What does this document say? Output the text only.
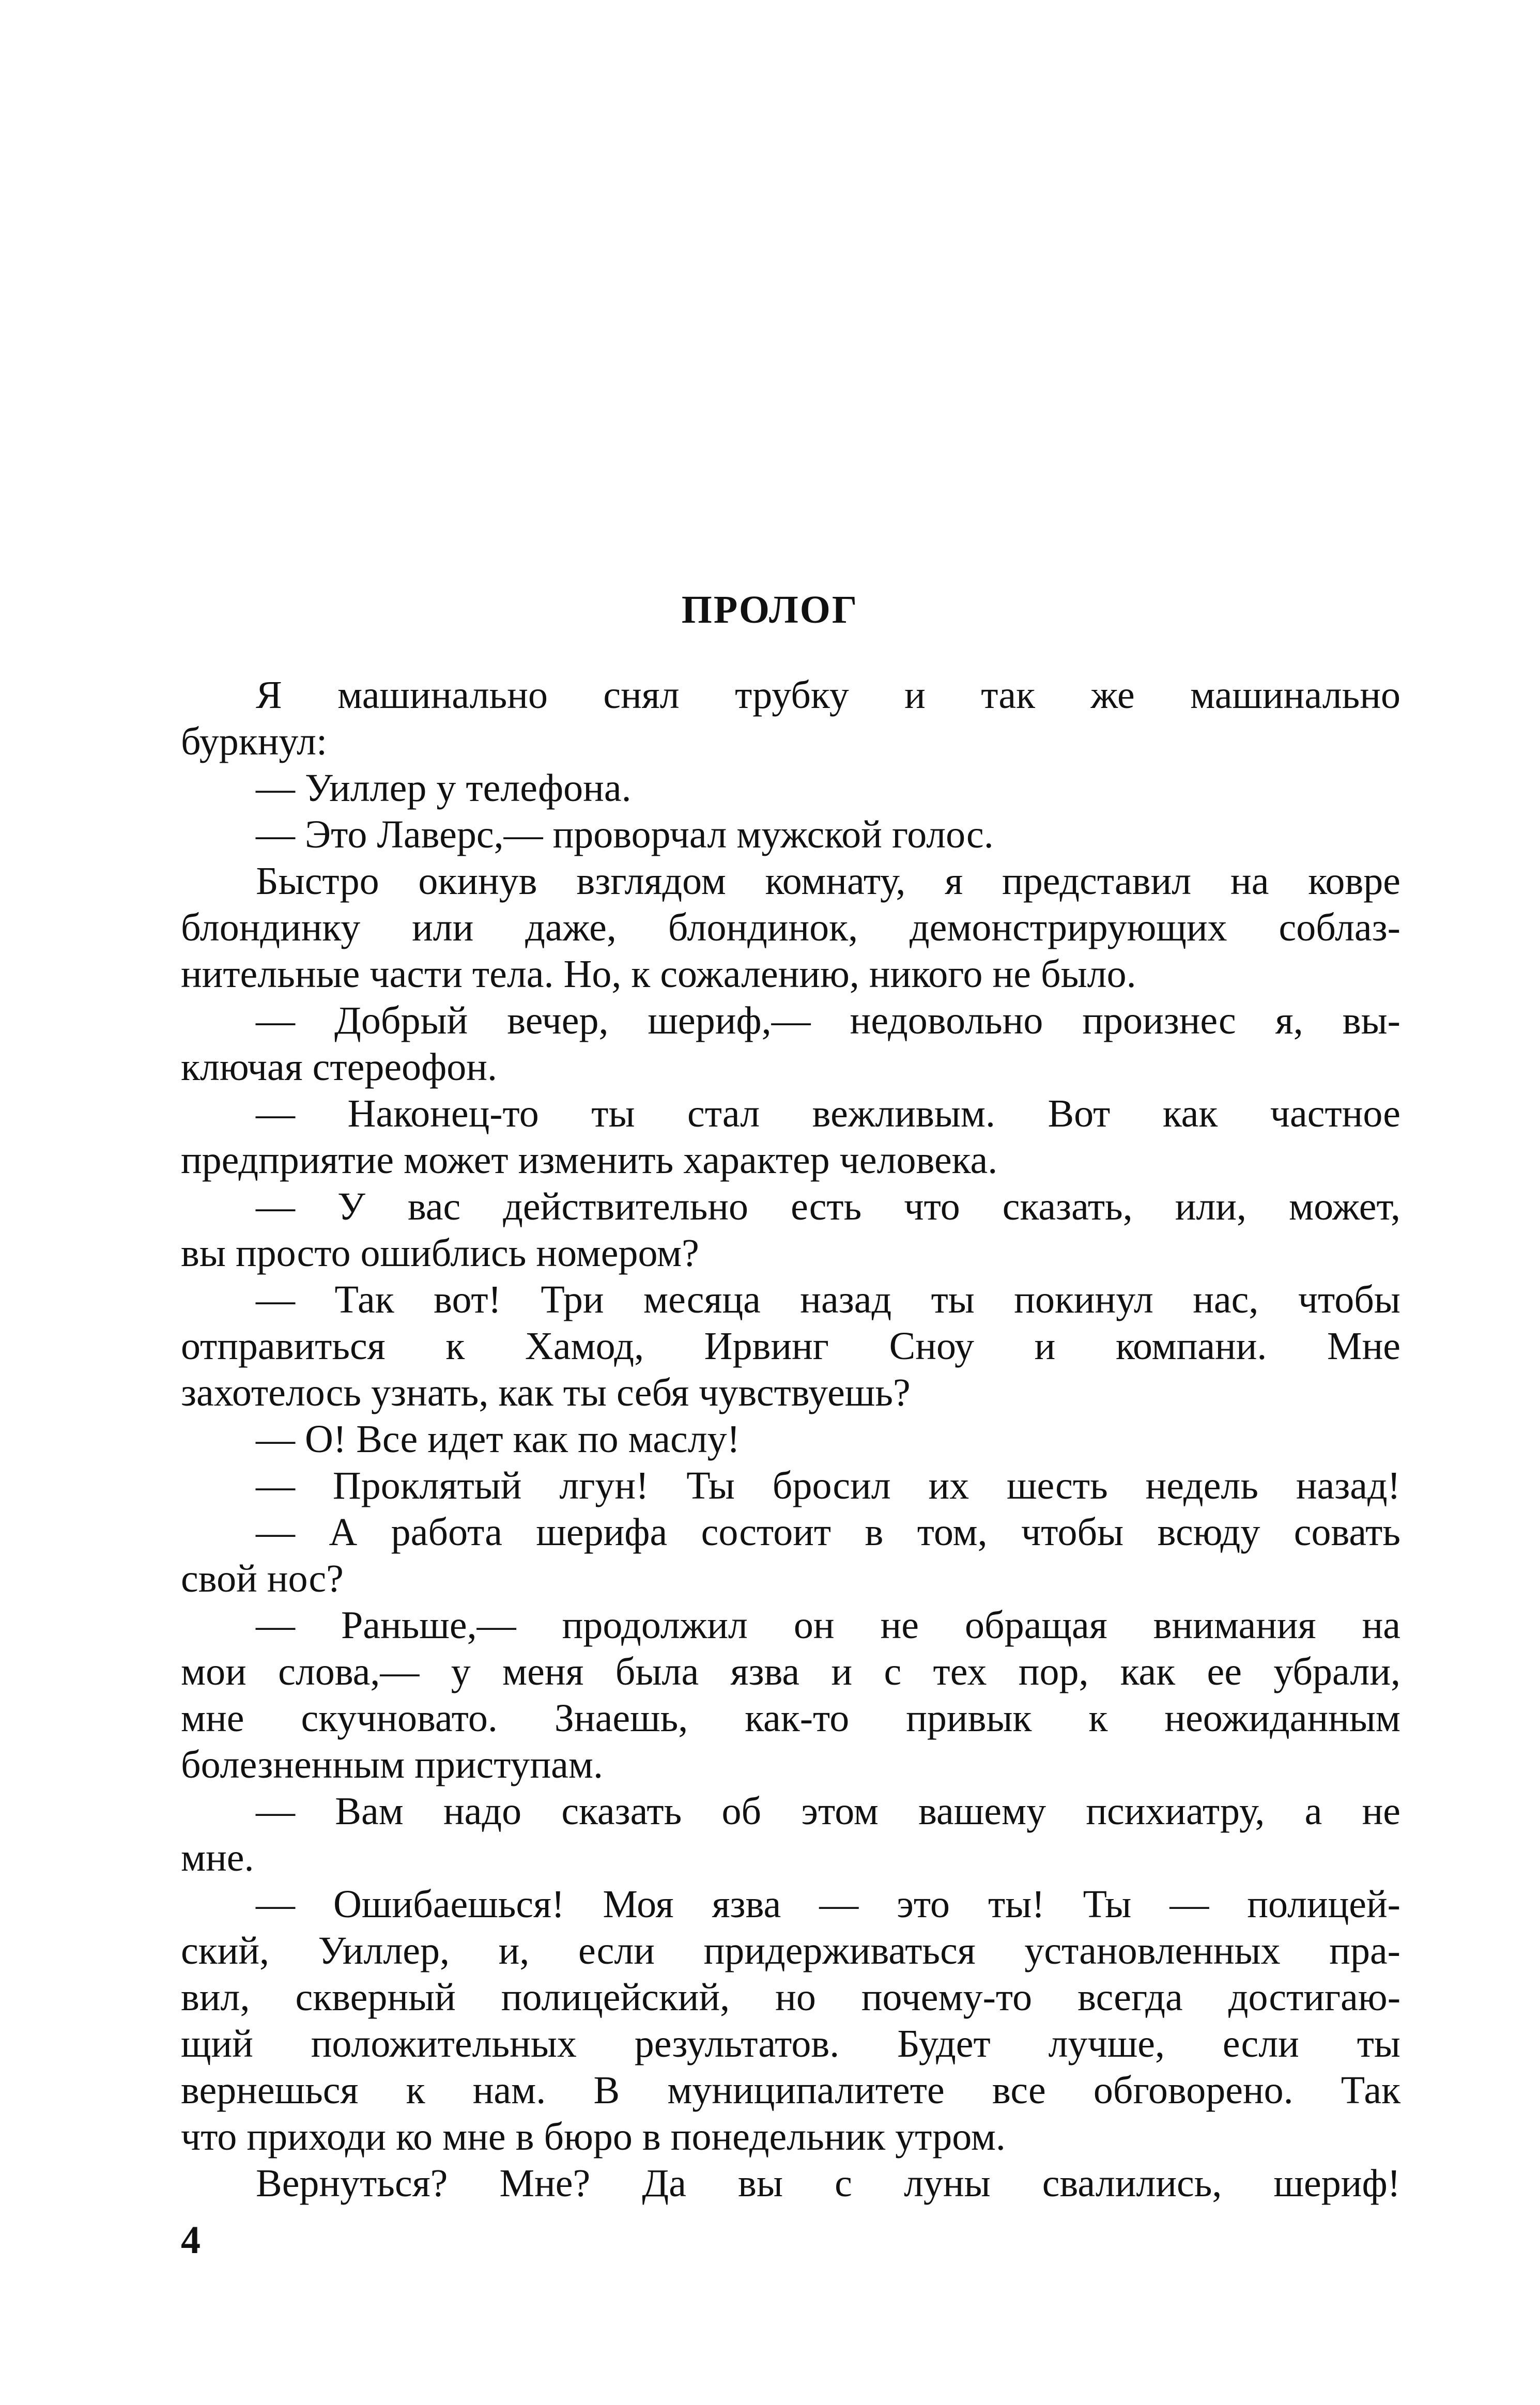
ПРОЛОГ
Я машинально снял трубку и так же машинально
буркнул:
— Уиллер у телефона.
— Это Лаверс,— проворчал мужской голос.
Быстро окинув взглядом комнату, я представил на ковре
блондинку или даже, блондинок, демонстрирующих соблаз-
нительные части тела. Но, к сожалению, никого не было.
— Добрый вечер, шериф,— недовольно произнес я, вы-
ключая стереофон.
— Наконец-то ты стал вежливым. Вот как частное
предприятие может изменить характер человека.
— У вас действительно есть что сказать, или, может,
вы просто ошиблись номером?
— Так вот! Три месяца назад ты покинул нас, чтобы
отправиться к Хамод, Ирвинг Сноу и компани. Мне
захотелось узнать, как ты себя чувствуешь?
— О! Все идет как по маслу!
— Проклятый лгун! Ты бросил их шесть недель назад!
— А работа шерифа состоит в том, чтобы всюду совать
свой нос?
— Раньше,— продолжил он не обращая внимания на
мои слова,— у меня была язва и с тех пор, как ее убрали,
мне скучновато. Знаешь, как-то привык к неожиданным
болезненным приступам.
— Вам надо сказать об этом вашему психиатру, а не
мне.
— Ошибаешься! Моя язва — это ты! Ты — полицей-
ский, Уиллер, и, если придерживаться установленных пра-
вил, скверный полицейский, но почему-то всегда достигаю-
щий положительных результатов. Будет лучше, если ты
вернешься к нам. В муниципалитете все обговорено. Так
что приходи ко мне в бюро в понедельник утром.
Вернуться? Мне? Да вы с луны свалились, шериф!
4
